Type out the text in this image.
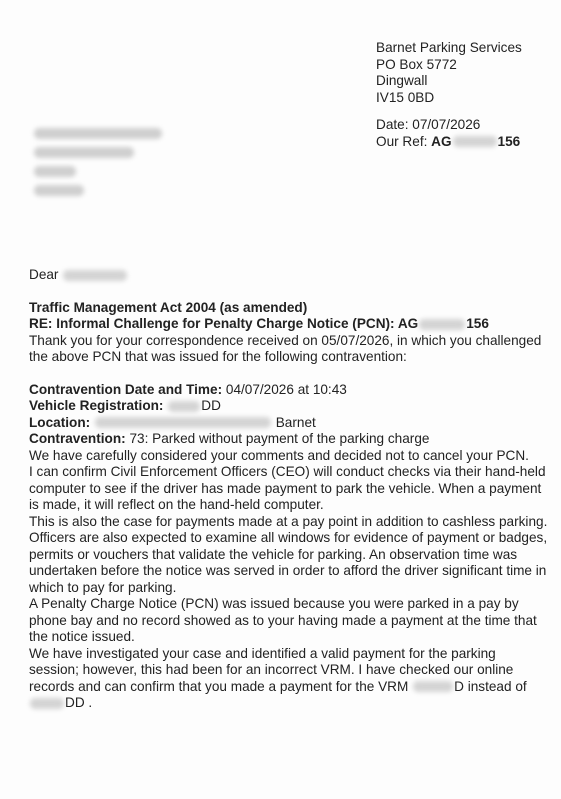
Barnet Parking Services
PO Box 5772
Dingwall
IV15 0BD
Date: 07/07/2026
Our Ref: AG	156

Dear

Traffic Management Act 2004 (as amended)

RE: Informal Challenge for Penalty Charge Notice (PCN): AG	156

Thank you for your correspondence received on 05/07/2026, in which you challenged the above PCN that was issued for the following contravention:

Contravention Date and Time: 04/07/2026 at 10:43

Vehicle Registration:	DD

Location:	Barnet

Contravention: 73: Parked without payment of the parking charge

We have carefully considered your comments and decided not to cancel your PCN.

I can confirm Civil Enforcement Officers (CEO) will conduct checks via their hand-held computer to see if the driver has made payment to park the vehicle. When a payment is made, it will reflect on the hand-held computer.

This is also the case for payments made at a pay point in addition to cashless parking. Officers are also expected to examine all windows for evidence of payment or badges, permits or vouchers that validate the vehicle for parking. An observation time was undertaken before the notice was served in order to afford the driver significant time in which to pay for parking.

A Penalty Charge Notice (PCN) was issued because you were parked in a pay by phone bay and no record showed as to your having made a payment at the time that the notice issued.

We have investigated your case and identified a valid payment for the parking session; however, this had been for an incorrect VRM. I have checked our online records and can confirm that you made a payment for the VRM	D instead of DD .
